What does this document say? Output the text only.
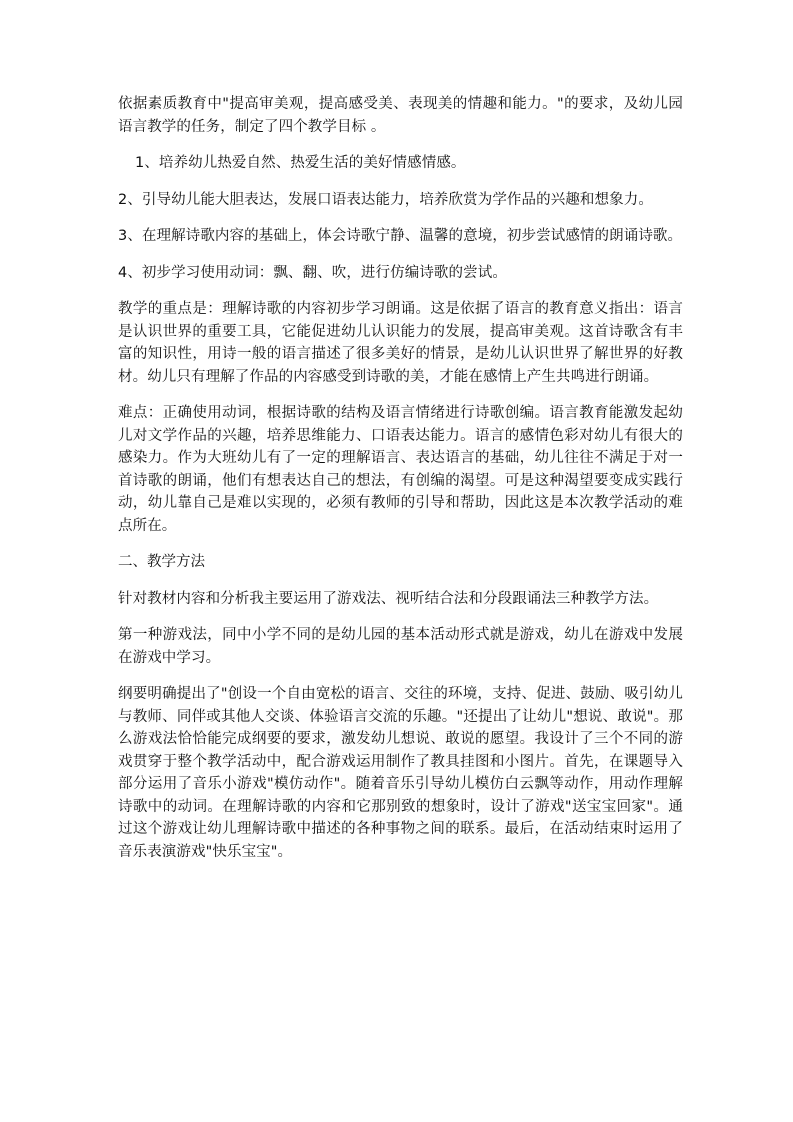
依据素质教育中"提高审美观，提高感受美、表现美的情趣和能力。"的要求，及幼儿园语言教学的任务，制定了四个教学目标 。

1、培养幼儿热爱自然、热爱生活的美好情感情感。

2、引导幼儿能大胆表达，发展口语表达能力，培养欣赏为学作品的兴趣和想象力。

3、在理解诗歌内容的基础上，体会诗歌宁静、温馨的意境，初步尝试感情的朗诵诗歌。

4、初步学习使用动词：飘、翻、吹，进行仿编诗歌的尝试。

教学的重点是：理解诗歌的内容初步学习朗诵。这是依据了语言的教育意义指出：语言是认识世界的重要工具，它能促进幼儿认识能力的发展，提高审美观。这首诗歌含有丰富的知识性，用诗一般的语言描述了很多美好的情景，是幼儿认识世界了解世界的好教材。幼儿只有理解了作品的内容感受到诗歌的美，才能在感情上产生共鸣进行朗诵。

难点：正确使用动词，根据诗歌的结构及语言情绪进行诗歌创编。语言教育能激发起幼儿对文学作品的兴趣，培养思维能力、口语表达能力。语言的感情色彩对幼儿有很大的感染力。作为大班幼儿有了一定的理解语言、表达语言的基础，幼儿往往不满足于对一首诗歌的朗诵，他们有想表达自己的想法，有创编的渴望。可是这种渴望要变成实践行动，幼儿靠自己是难以实现的，必须有教师的引导和帮助，因此这是本次教学活动的难点所在。

二、教学方法

针对教材内容和分析我主要运用了游戏法、视听结合法和分段跟诵法三种教学方法。

第一种游戏法，同中小学不同的是幼儿园的基本活动形式就是游戏，幼儿在游戏中发展在游戏中学习。

纲要明确提出了"创设一个自由宽松的语言、交往的环境，支持、促进、鼓励、吸引幼儿与教师、同伴或其他人交谈、体验语言交流的乐趣。"还提出了让幼儿"想说、敢说"。那么游戏法恰恰能完成纲要的要求，激发幼儿想说、敢说的愿望。我设计了三个不同的游戏贯穿于整个教学活动中，配合游戏运用制作了教具挂图和小图片。首先，在课题导入 部分运用了音乐小游戏"模仿动作"。随着音乐引导幼儿模仿白云飘等动作，用动作理解诗歌中的动词。在理解诗歌的内容和它那别致的想象时，设计了游戏"送宝宝回家"。通过这个游戏让幼儿理解诗歌中描述的各种事物之间的联系。最后，在活动结束时运用了音乐表演游戏"快乐宝宝"。
